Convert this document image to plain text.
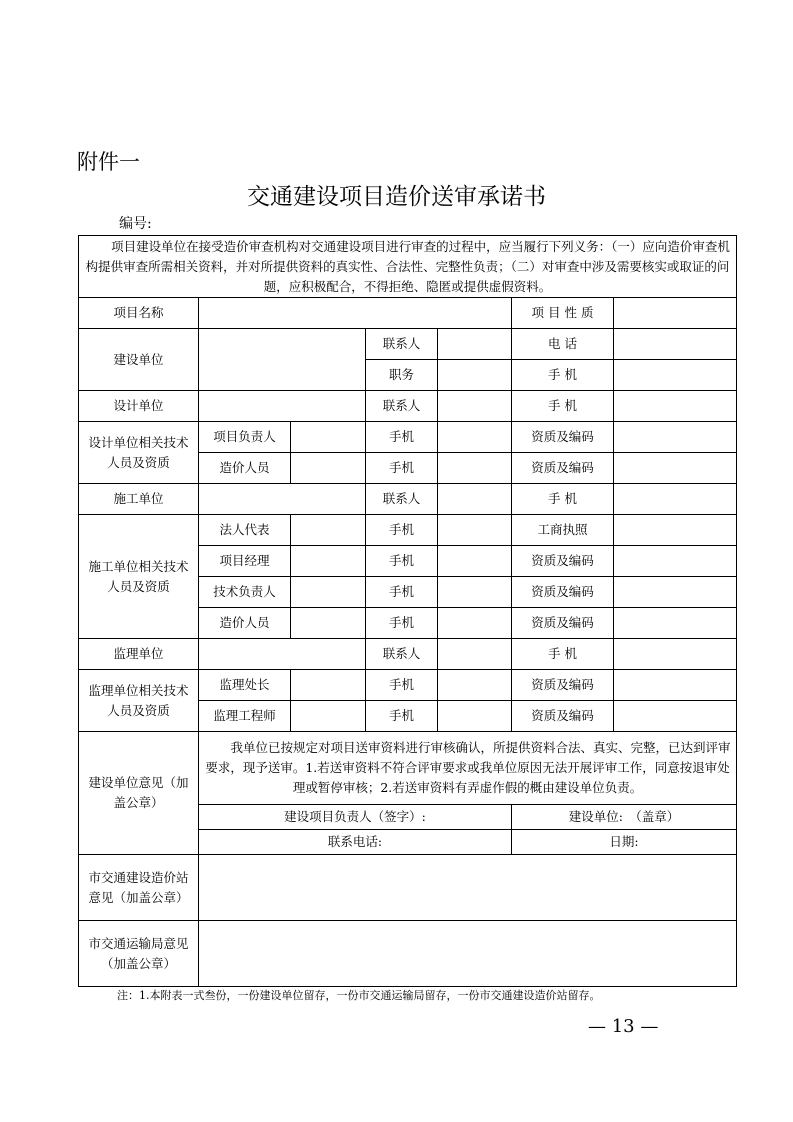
附件一
交通建设项目造价送审承诺书
编号:
项目建设单位在接受造价审查机构对交通建设项目进行审查的过程中，应当履行下列义务：（一）应向造价审查机构提供审查所需相关资料，并对所提供资料的真实性、合法性、完整性负责；（二）对审查中涉及需要核实或取证的问题，应积极配合，不得拒绝、隐匿或提供虚假资料。						
项目名称					项 目 性 质	
建设单位			联系人		电 话	
			职务		手 机	
设计单位			联系人		手 机	
设计单位相关技术人员及资质	项目负责人		手机		资质及编码	
	造价人员		手机		资质及编码	
施工单位			联系人		手 机	
施工单位相关技术人员及资质	法人代表		手机		工商执照	
	项目经理		手机		资质及编码	
	技术负责人		手机		资质及编码	
	造价人员		手机		资质及编码	
监理单位			联系人		手 机	
监理单位相关技术人员及资质	监理处长		手机		资质及编码	
	监理工程师		手机		资质及编码	
建设单位意见（加盖公章）	我单位已按规定对项目送审资料进行审核确认，所提供资料合法、真实、完整，已达到评审要求，现予送审。1.若送审资料不符合评审要求或我单位原因无法开展评审工作，同意按退审处理或暂停审核；2.若送审资料有弄虚作假的概由建设单位负责。					
	建设项目负责人（签字）:				建设单位:　（盖章）	
	联系电话:				日期:	
市交通建设造价站意见（加盖公章）						
市交通运输局意见（加盖公章）						
注：1.本附表一式叁份，一份建设单位留存，一份市交通运输局留存，一份市交通建设造价站留存。
— 13 —
